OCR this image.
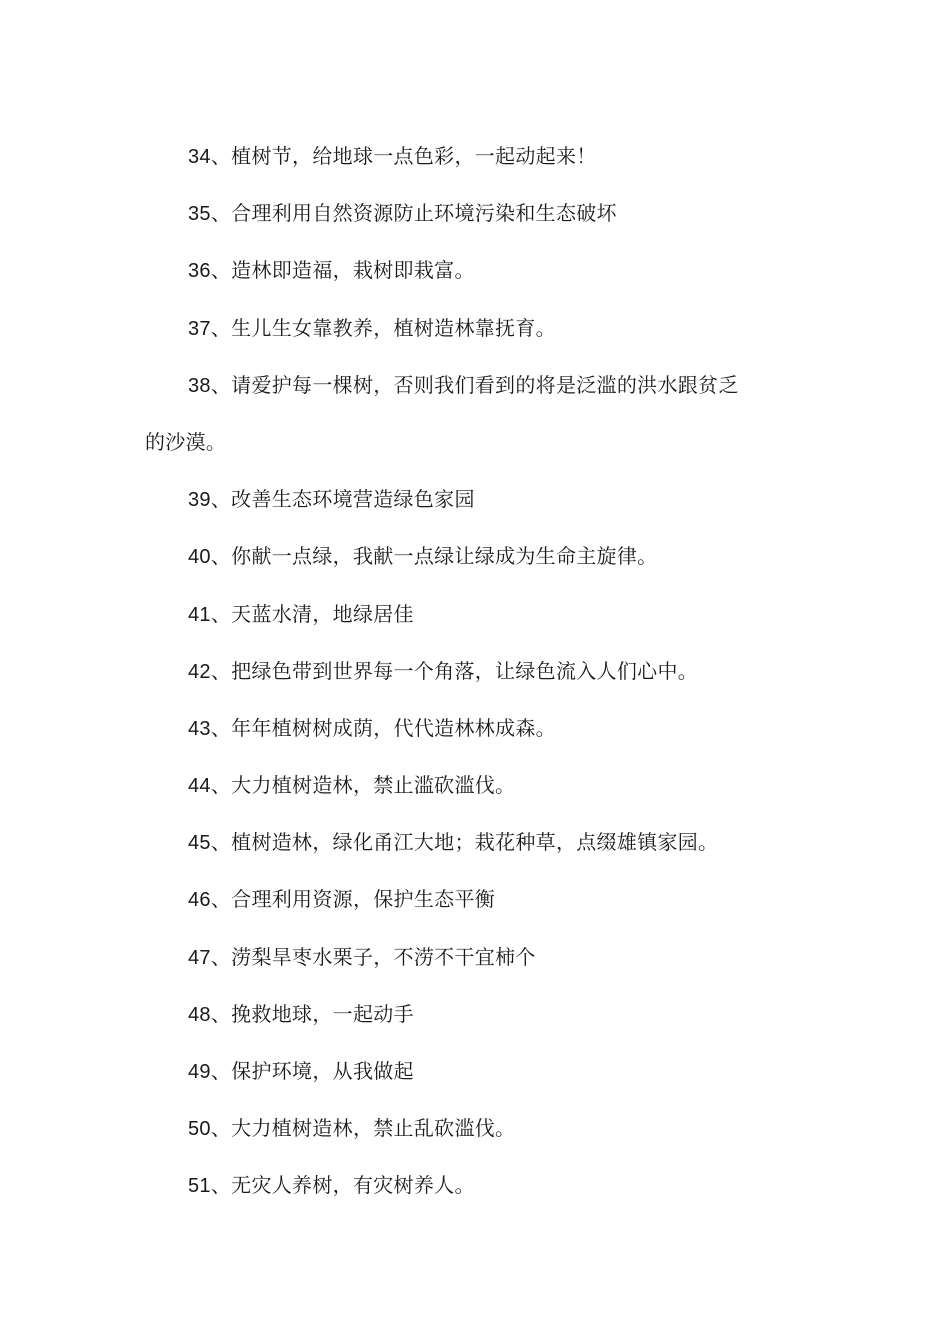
34、植树节，给地球一点色彩，一起动起来！

35、合理利用自然资源防止环境污染和生态破坏

36、造林即造福，栽树即栽富。

37、生儿生女靠教养，植树造林靠抚育。

38、请爱护每一棵树，否则我们看到的将是泛滥的洪水跟贫乏

的沙漠。

39、改善生态环境营造绿色家园

40、你献一点绿，我献一点绿让绿成为生命主旋律。

41、天蓝水清，地绿居佳

42、把绿色带到世界每一个角落，让绿色流入人们心中。

43、年年植树树成荫，代代造林林成森。

44、大力植树造林，禁止滥砍滥伐。

45、植树造林，绿化甬江大地；栽花种草，点缀雄镇家园。

46、合理利用资源，保护生态平衡

47、涝梨旱枣水栗子，不涝不干宜柿个

48、挽救地球，一起动手

49、保护环境，从我做起

50、大力植树造林，禁止乱砍滥伐。

51、无灾人养树，有灾树养人。
